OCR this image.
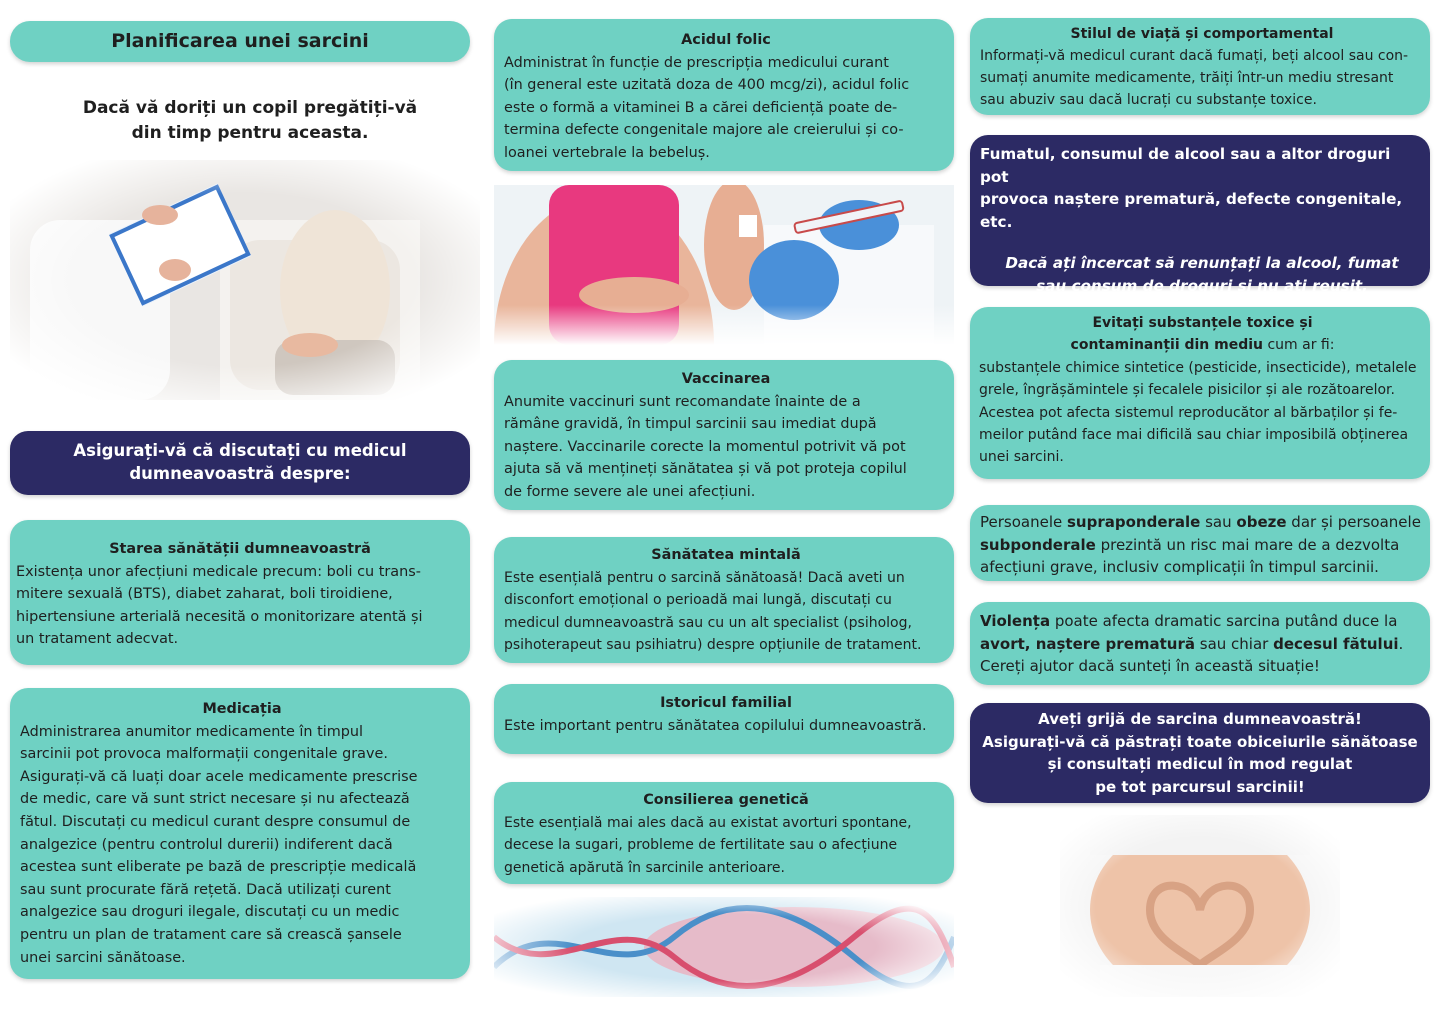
Planificarea unei sarcini
Dacă vă doriți un copil pregătiți-vă
din timp pentru aceasta.
Asigurați-vă că discutați cu medicul
dumneavoastră despre:
Starea sănătății dumneavoastră
Existența unor afecțiuni medicale precum: boli cu trans-
mitere sexuală (BTS), diabet zaharat, boli tiroidiene,
hipertensiune arterială necesită o monitorizare atentă și
un tratament adecvat.
Medicația
Administrarea anumitor medicamente în timpul
sarcinii pot provoca malformații congenitale grave.
Asigurați-vă că luați doar acele medicamente prescrise
de medic, care vă sunt strict necesare și nu afectează
fătul. Discutați cu medicul curant despre consumul de
analgezice (pentru controlul durerii) indiferent dacă
acestea sunt eliberate pe bază de prescripție medicală
sau sunt procurate fără rețetă. Dacă utilizați curent
analgezice sau droguri ilegale, discutați cu un medic
pentru un plan de tratament care să crească șansele
unei sarcini sănătoase.
Acidul folic
Administrat în funcție de prescripția medicului curant
(în general este uzitată doza de 400 mcg/zi), acidul folic
este o formă a vitaminei B a cărei deficiență poate de-
termina defecte congenitale majore ale creierului și co-
loanei vertebrale la bebeluș.
Vaccinarea
Anumite vaccinuri sunt recomandate înainte de a
rămâne gravidă, în timpul sarcinii sau imediat după
naștere. Vaccinarile corecte la momentul potrivit vă pot
ajuta să vă mențineți sănătatea și vă pot proteja copilul
de forme severe ale unei afecțiuni.
Sănătatea mintală
Este esențială pentru o sarcină sănătoasă! Dacă aveti un
disconfort emoțional o perioadă mai lungă, discutați cu
medicul dumneavoastră sau cu un alt specialist (psiholog,
psihoterapeut sau psihiatru) despre opțiunile de tratament.
Istoricul familial
Este important pentru sănătatea copilului dumneavoastră.
Consilierea genetică
Este esențială mai ales dacă au existat avorturi spontane,
decese la sugari, probleme de fertilitate sau o afecțiune
genetică apărută în sarcinile anterioare.
Stilul de viață și comportamental
Informați-vă medicul curant dacă fumați, beți alcool sau con-
sumați anumite medicamente, trăiți într-un mediu stresant
sau abuziv sau dacă lucrați cu substanțe toxice.
Fumatul, consumul de alcool sau a altor droguri pot
provoca naștere prematură, defecte congenitale, etc.
Dacă ați încercat să renunțați la alcool, fumat
sau consum de droguri și nu ați reușit,

Evitați substanțele toxice și
contaminanții din mediu cum ar fi:
substanțele chimice sintetice (pesticide, insecticide), metalele
grele, îngrășămintele și fecalele pisicilor și ale rozătoarelor.
Acestea pot afecta sistemul reproducător al bărbaților și fe-
meilor putând face mai dificilă sau chiar imposibilă obținerea
unei sarcini.
Persoanele supraponderale sau obeze dar și persoanele
subponderale prezintă un risc mai mare de a dezvolta
afecțiuni grave, inclusiv complicații în timpul sarcinii.
Violența poate afecta dramatic sarcina putând duce la
avort, naștere prematură sau chiar decesul fătului.
Cereți ajutor dacă sunteți în această situație!
Aveți grijă de sarcina dumneavoastră!
Asigurați-vă că păstrați toate obiceiurile sănătoase
și consultați medicul în mod regulat
pe tot parcursul sarcinii!
